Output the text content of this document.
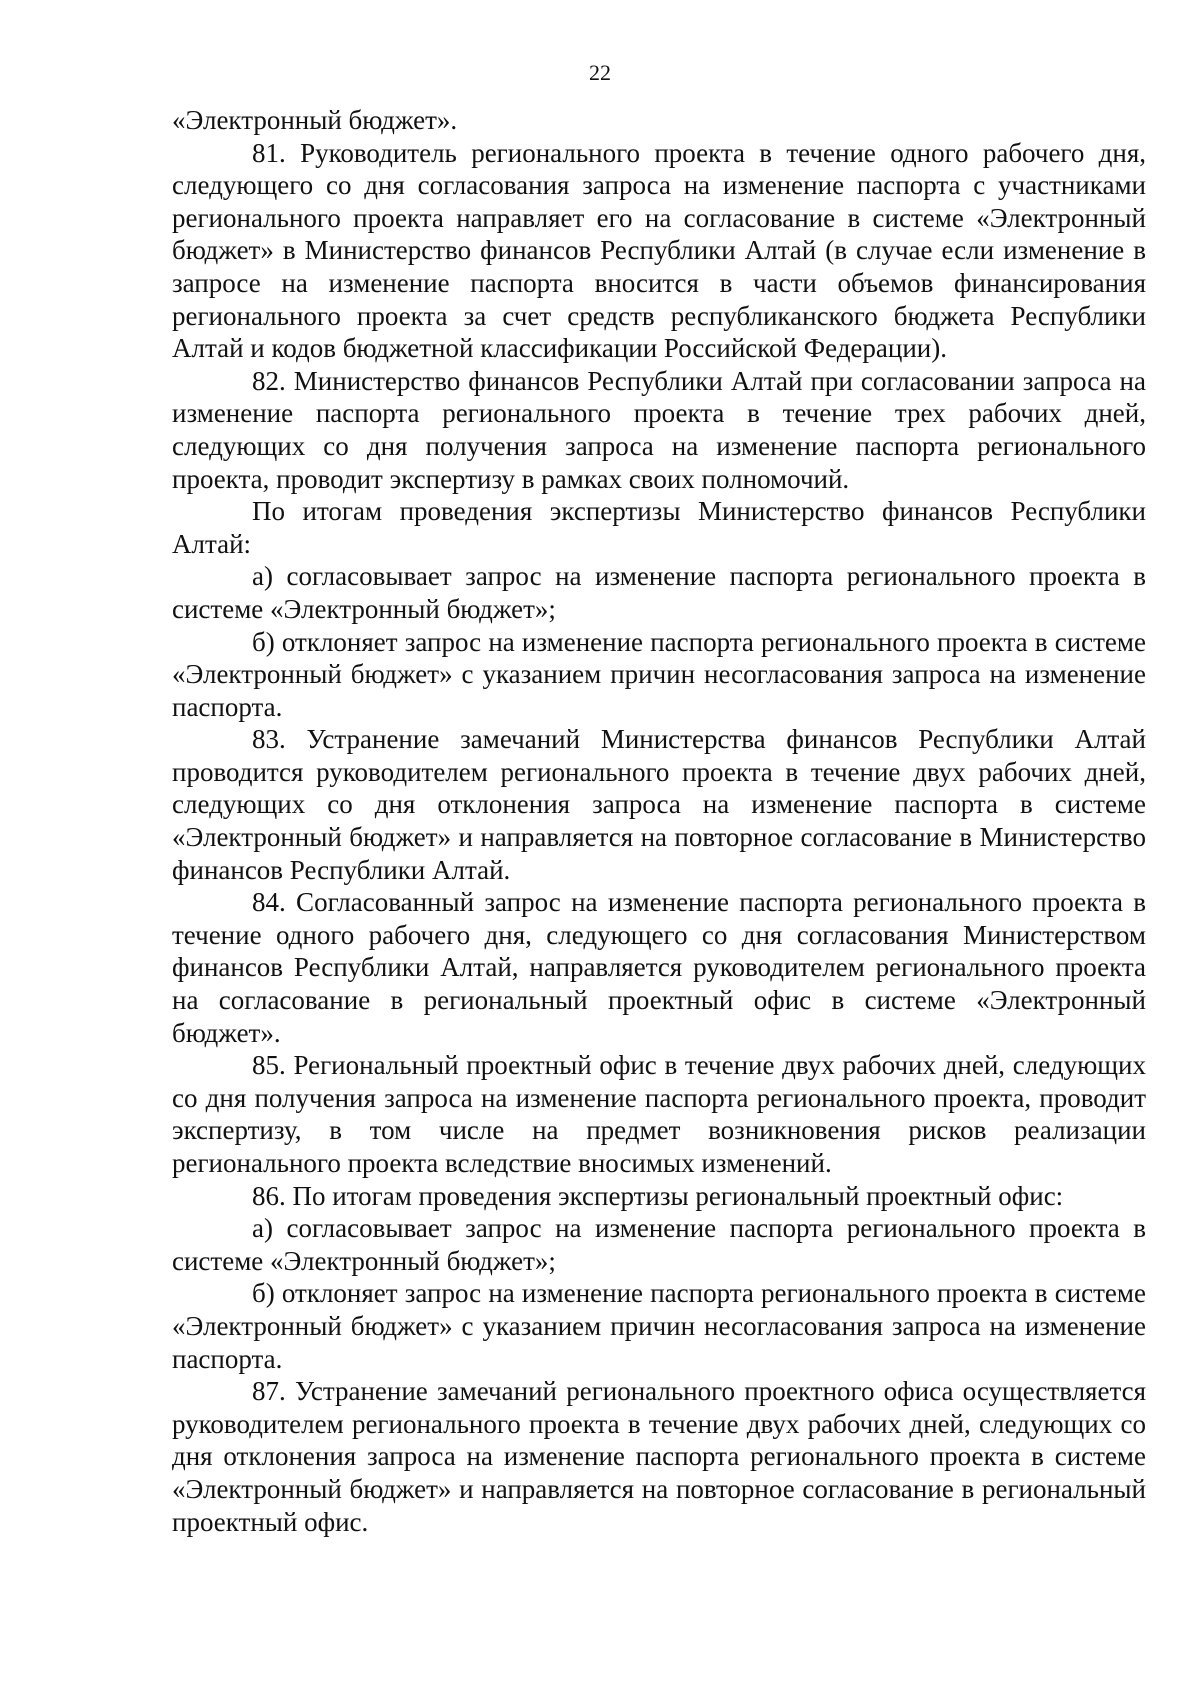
22

«Электронный бюджет».

81. Руководитель регионального проекта в течение одного рабочего дня, следующего со дня согласования запроса на изменение паспорта с участниками регионального проекта направляет его на согласование в системе «Электронный бюджет» в Министерство финансов Республики Алтай (в случае если изменение в запросе на изменение паспорта вносится в части объемов финансирования регионального проекта за счет средств республиканского бюджета Республики Алтай и кодов бюджетной классификации Российской Федерации).

82. Министерство финансов Республики Алтай при согласовании запроса на изменение паспорта регионального проекта в течение трех рабочих дней, следующих со дня получения запроса на изменение паспорта регионального проекта, проводит экспертизу в рамках своих полномочий.

По итогам проведения экспертизы Министерство финансов Республики Алтай:

а) согласовывает запрос на изменение паспорта регионального проекта в системе «Электронный бюджет»;

б) отклоняет запрос на изменение паспорта регионального проекта в системе «Электронный бюджет» с указанием причин несогласования запроса на изменение паспорта.

83. Устранение замечаний Министерства финансов Республики Алтай проводится руководителем регионального проекта в течение двух рабочих дней, следующих со дня отклонения запроса на изменение паспорта в системе «Электронный бюджет» и направляется на повторное согласование в Министерство финансов Республики Алтай.

84. Согласованный запрос на изменение паспорта регионального проекта в течение одного рабочего дня, следующего со дня согласования Министерством финансов Республики Алтай, направляется руководителем регионального проекта на согласование в региональный проектный офис в системе «Электронный бюджет».

85. Региональный проектный офис в течение двух рабочих дней, следующих со дня получения запроса на изменение паспорта регионального проекта, проводит экспертизу, в том числе на предмет возникновения рисков реализации регионального проекта вследствие вносимых изменений.

86. По итогам проведения экспертизы региональный проектный офис:

а) согласовывает запрос на изменение паспорта регионального проекта в системе «Электронный бюджет»;

б) отклоняет запрос на изменение паспорта регионального проекта в системе «Электронный бюджет» с указанием причин несогласования запроса на изменение паспорта.

87. Устранение замечаний регионального проектного офиса осуществляется руководителем регионального проекта в течение двух рабочих дней, следующих со дня отклонения запроса на изменение паспорта регионального проекта в системе «Электронный бюджет» и направляется на повторное согласование в региональный проектный офис.
